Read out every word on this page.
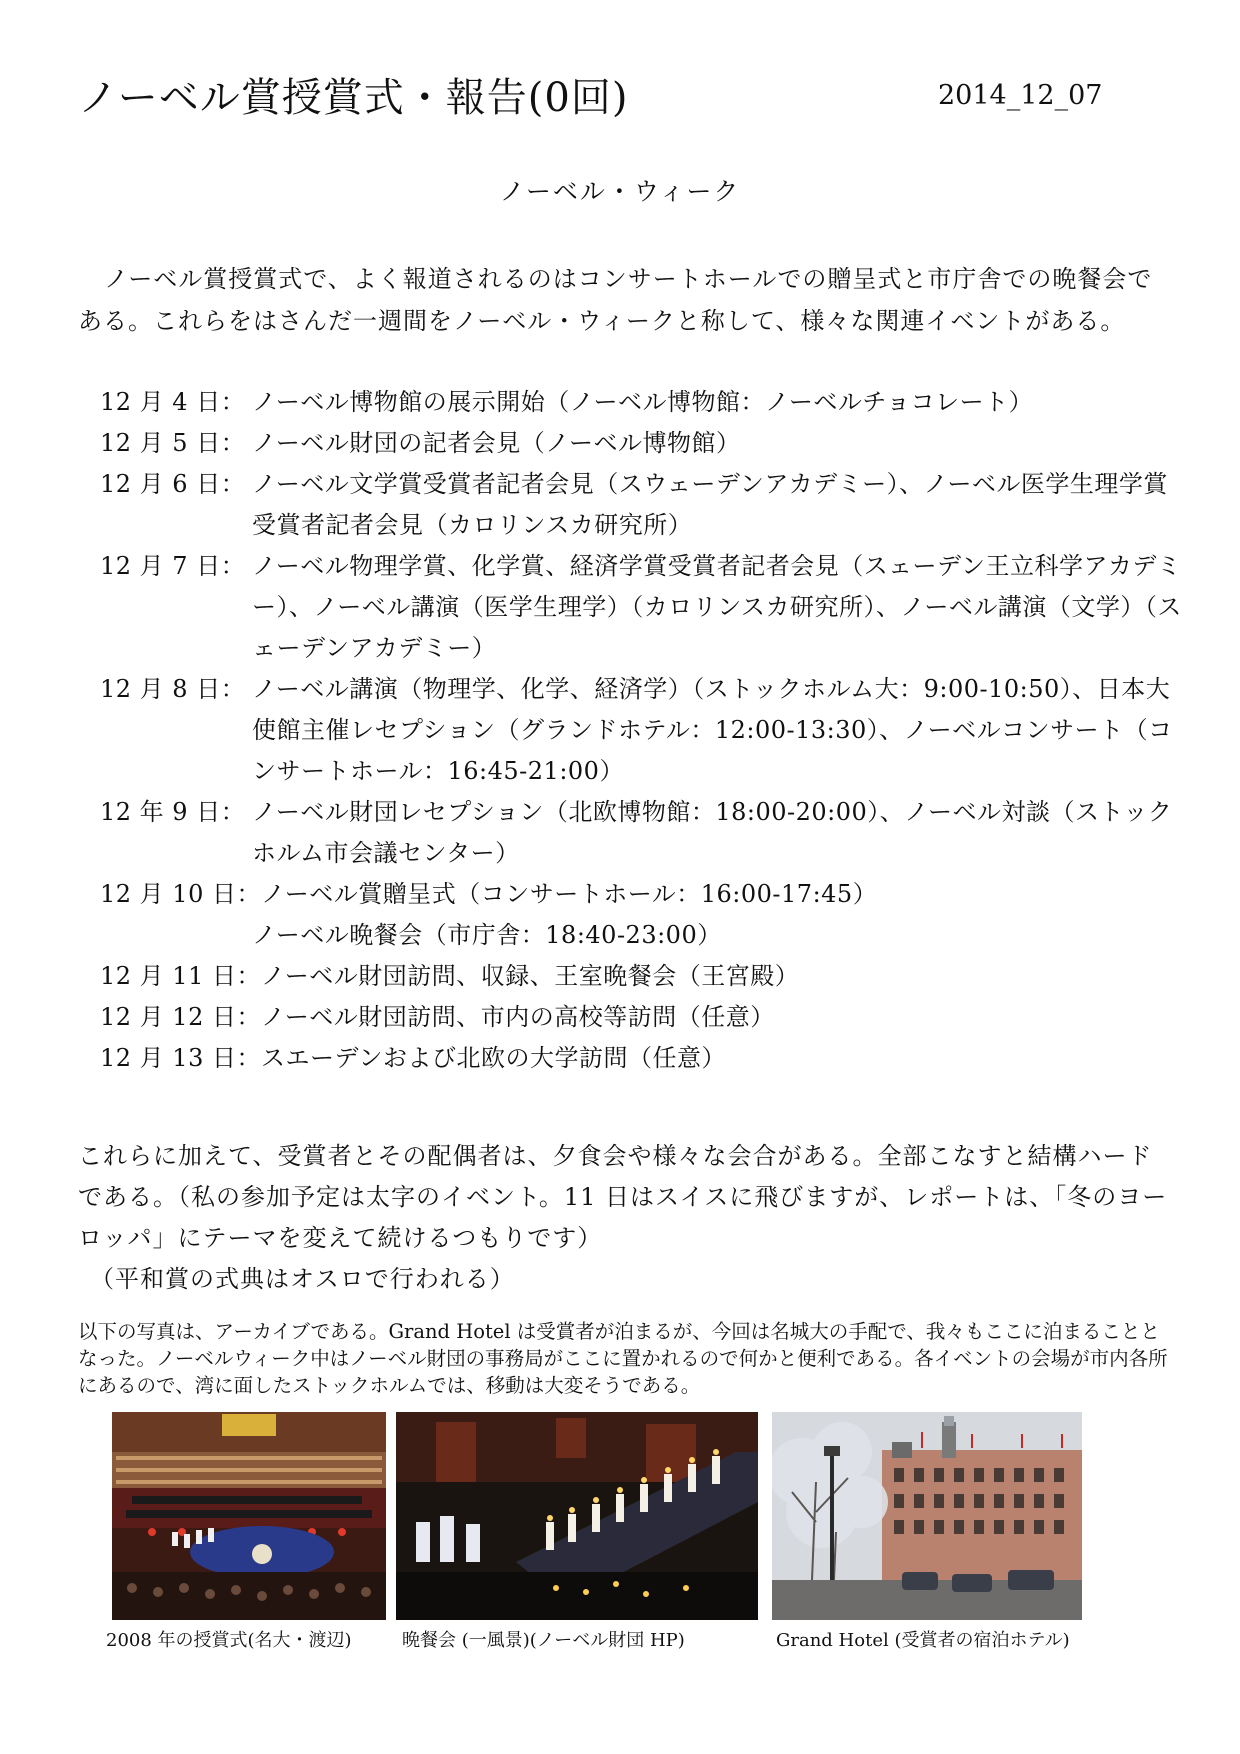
ノーベル賞授賞式・報告(0回)	2014_12_07
ノーベル・ウィーク

ノーベル賞授賞式で、よく報道されるのはコンサートホールでの贈呈式と市庁舎での晩餐会である。これらをはさんだ一週間をノーベル・ウィークと称して、様々な関連イベントがある。

12 月 4 日： ノーベル博物館の展示開始（ノーベル博物館：ノーベルチョコレート）
12 月 5 日： ノーベル財団の記者会見（ノーベル博物館）
12 月 6 日： ノーベル文学賞受賞者記者会見（スウェーデンアカデミー）、ノーベル医学生理学賞受賞者記者会見（カロリンスカ研究所）
12 月 7 日： ノーベル物理学賞、化学賞、経済学賞受賞者記者会見（スェーデン王立科学アカデミー）、ノーベル講演（医学生理学）（カロリンスカ研究所）、ノーベル講演（文学）（スェーデンアカデミー）
12 月 8 日： ノーベル講演（物理学、化学、経済学）（ストックホルム大：9:00-10:50）、日本大使館主催レセプション（グランドホテル：12:00-13:30）、ノーベルコンサート（コンサートホール：16:45-21:00）
12 年 9 日： ノーベル財団レセプション（北欧博物館：18:00-20:00）、ノーベル対談（ストックホルム市会議センター）
12 月 10 日： ノーベル賞贈呈式（コンサートホール：16:00-17:45）
ノーベル晩餐会（市庁舎：18:40-23:00）
12 月 11 日： ノーベル財団訪問、収録、王室晩餐会（王宮殿）
12 月 12 日： ノーベル財団訪問、市内の高校等訪問（任意）
12 月 13 日： スエーデンおよび北欧の大学訪問（任意）

これらに加えて、受賞者とその配偶者は、夕食会や様々な会合がある。全部こなすと結構ハードである。（私の参加予定は太字のイベント。11 日はスイスに飛びますが、レポートは、「冬のヨーロッパ」にテーマを変えて続けるつもりです）

（平和賞の式典はオスロで行われる）

以下の写真は、アーカイブである。Grand Hotel は受賞者が泊まるが、今回は名城大の手配で、我々もここに泊まることとなった。ノーベルウィーク中はノーベル財団の事務局がここに置かれるので何かと便利である。各イベントの会場が市内各所にあるので、湾に面したストックホルムでは、移動は大変そうである。
2008 年の授賞式(名大・渡辺)	晩餐会 (一風景)(ノーベル財団 HP)	Grand Hotel (受賞者の宿泊ホテル)
